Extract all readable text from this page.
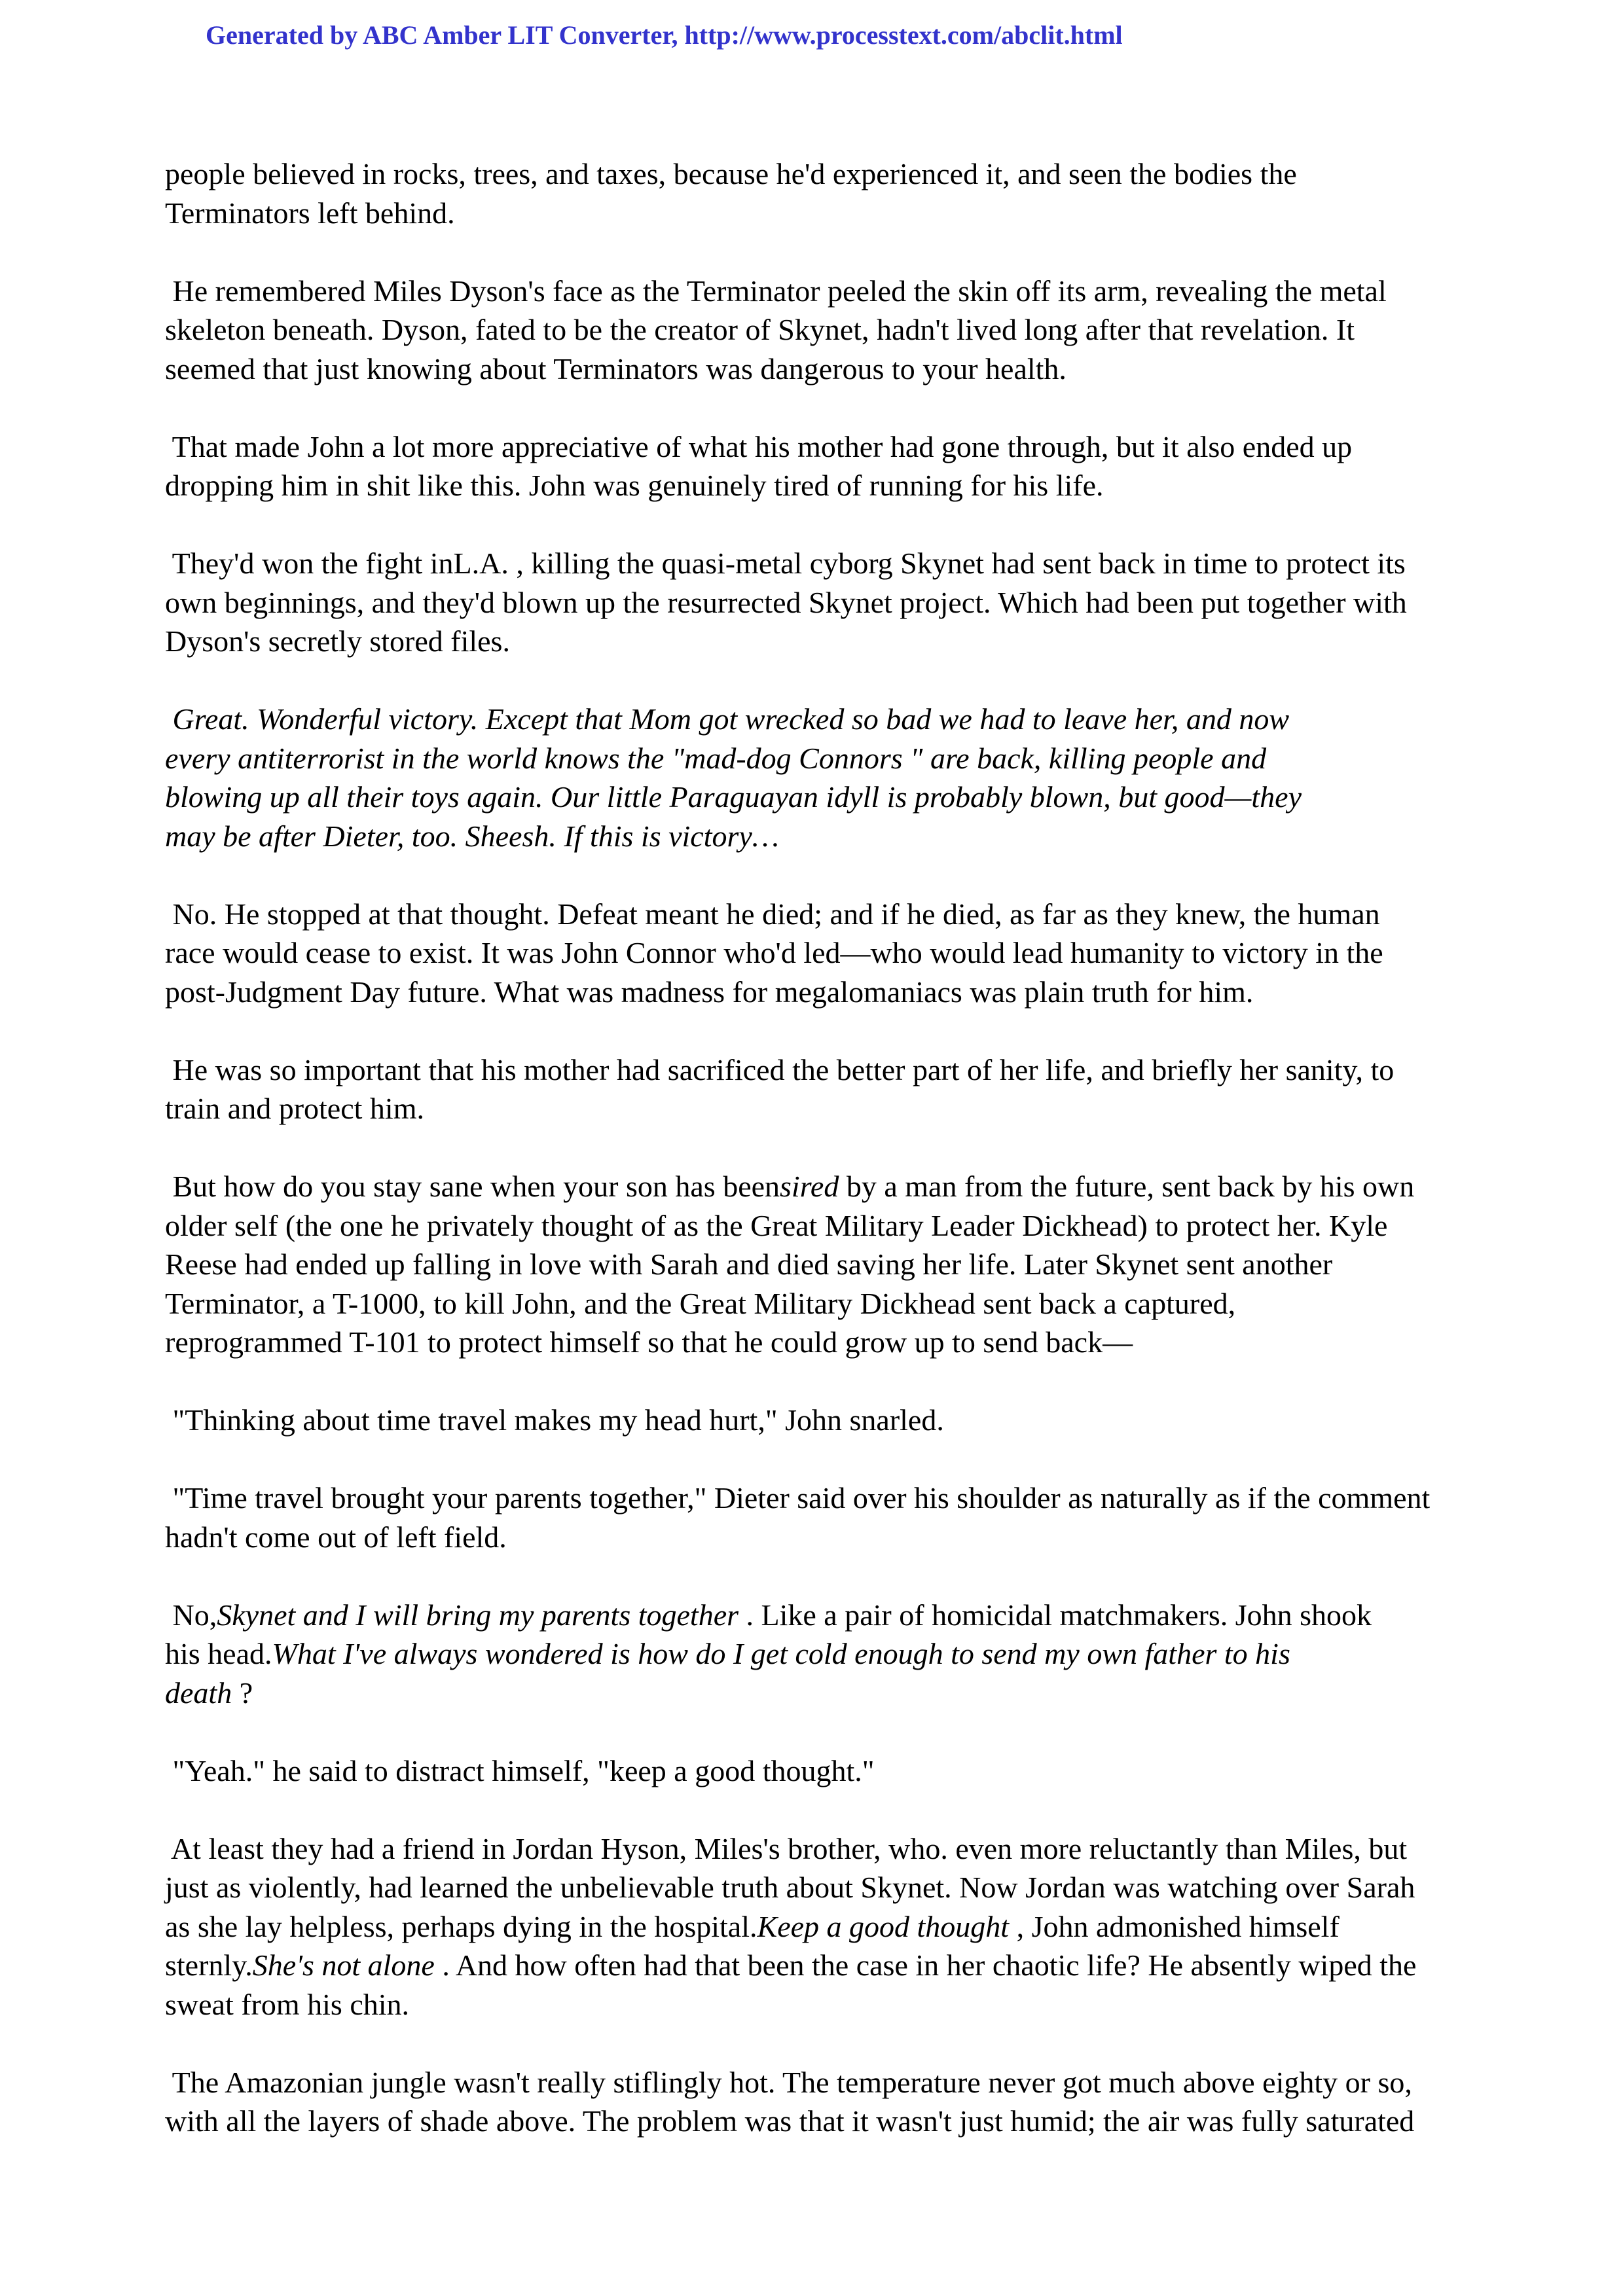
Generated by ABC Amber LIT Converter, http://www.processtext.com/abclit.html
people believed in rocks, trees, and taxes, because he'd experienced it, and seen the bodies the
Terminators left behind.
He remembered Miles Dyson's face as the Terminator peeled the skin off its arm, revealing the metal
skeleton beneath. Dyson, fated to be the creator of Skynet, hadn't lived long after that revelation. It
seemed that just knowing about Terminators was dangerous to your health.
That made John a lot more appreciative of what his mother had gone through, but it also ended up
dropping him in shit like this. John was genuinely tired of running for his life.
They'd won the fight inL.A. , killing the quasi-metal cyborg Skynet had sent back in time to protect its
own beginnings, and they'd blown up the resurrected Skynet project. Which had been put together with
Dyson's secretly stored files.
Great. Wonderful victory. Except that Mom got wrecked so bad we had to leave her, and now
every antiterrorist in the world knows the "mad-dog Connors " are back, killing people and
blowing up all their toys again. Our little Paraguayan idyll is probably blown, but good—they
may be after Dieter, too. Sheesh. If this is victory…
No. He stopped at that thought. Defeat meant he died; and if he died, as far as they knew, the human
race would cease to exist. It was John Connor who'd led—who would lead humanity to victory in the
post-Judgment Day future. What was madness for megalomaniacs was plain truth for him.
He was so important that his mother had sacrificed the better part of her life, and briefly her sanity, to
train and protect him.
But how do you stay sane when your son has beensired by a man from the future, sent back by his own
older self (the one he privately thought of as the Great Military Leader Dickhead) to protect her. Kyle
Reese had ended up falling in love with Sarah and died saving her life. Later Skynet sent another
Terminator, a T-1000, to kill John, and the Great Military Dickhead sent back a captured,
reprogrammed T-101 to protect himself so that he could grow up to send back—
"Thinking about time travel makes my head hurt," John snarled.
"Time travel brought your parents together," Dieter said over his shoulder as naturally as if the comment
hadn't come out of left field.
No,Skynet and I will bring my parents together . Like a pair of homicidal matchmakers. John shook
his head.What I've always wondered is how do I get cold enough to send my own father to his
death ?
"Yeah." he said to distract himself, "keep a good thought."
At least they had a friend in Jordan Hyson, Miles's brother, who. even more reluctantly than Miles, but
just as violently, had learned the unbelievable truth about Skynet. Now Jordan was watching over Sarah
as she lay helpless, perhaps dying in the hospital.Keep a good thought , John admonished himself
sternly.She's not alone . And how often had that been the case in her chaotic life? He absently wiped the
sweat from his chin.
The Amazonian jungle wasn't really stiflingly hot. The temperature never got much above eighty or so,
with all the layers of shade above. The problem was that it wasn't just humid; the air was fully saturated
